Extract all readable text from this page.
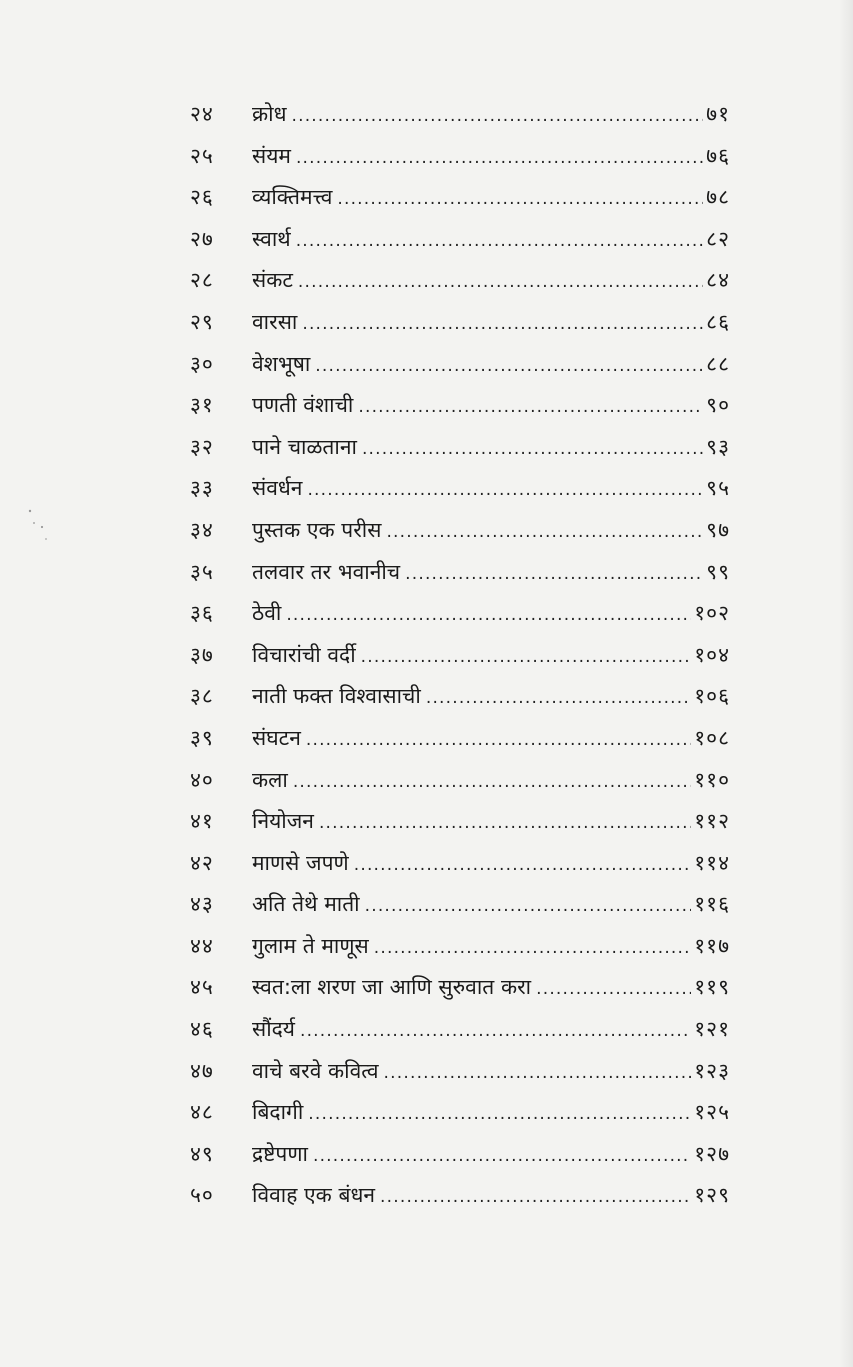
२४	क्रोध .....	७१
२५	संयम .....	७६
२६	व्यक्तिमत्त्व .....	७८
२७	स्वार्थ .....	८२
२८	संकट .....	८४
२९	वारसा .....	८६
३०	वेशभूषा .....	८८
३१	पणती वंशाची .....	९०
३२	पाने चाळताना .....	९३
३३	संवर्धन .....	९५
३४	पुस्तक एक परीस .....	९७
३५	तलवार तर भवानीच .....	९९
३६	ठेवी .....	१०२
३७	विचारांची वर्दी .....	१०४
३८	नाती फक्त विश्वासाची .....	१०६
३९	संघटन .....	१०८
४०	कला .....	११०
४१	नियोजन .....	११२
४२	माणसे जपणे .....	११४
४३	अति तेथे माती .....	११६
४४	गुलाम ते माणूस .....	११७
४५	स्वत:ला शरण जा आणि सुरुवात करा .....	११९
४६	सौंदर्य .....	१२१
४७	वाचे बरवे कवित्व .....	१२३
४८	बिदागी .....	१२५
४९	द्रष्टेपणा .....	१२७
५०	विवाह एक बंधन .....	१२९
